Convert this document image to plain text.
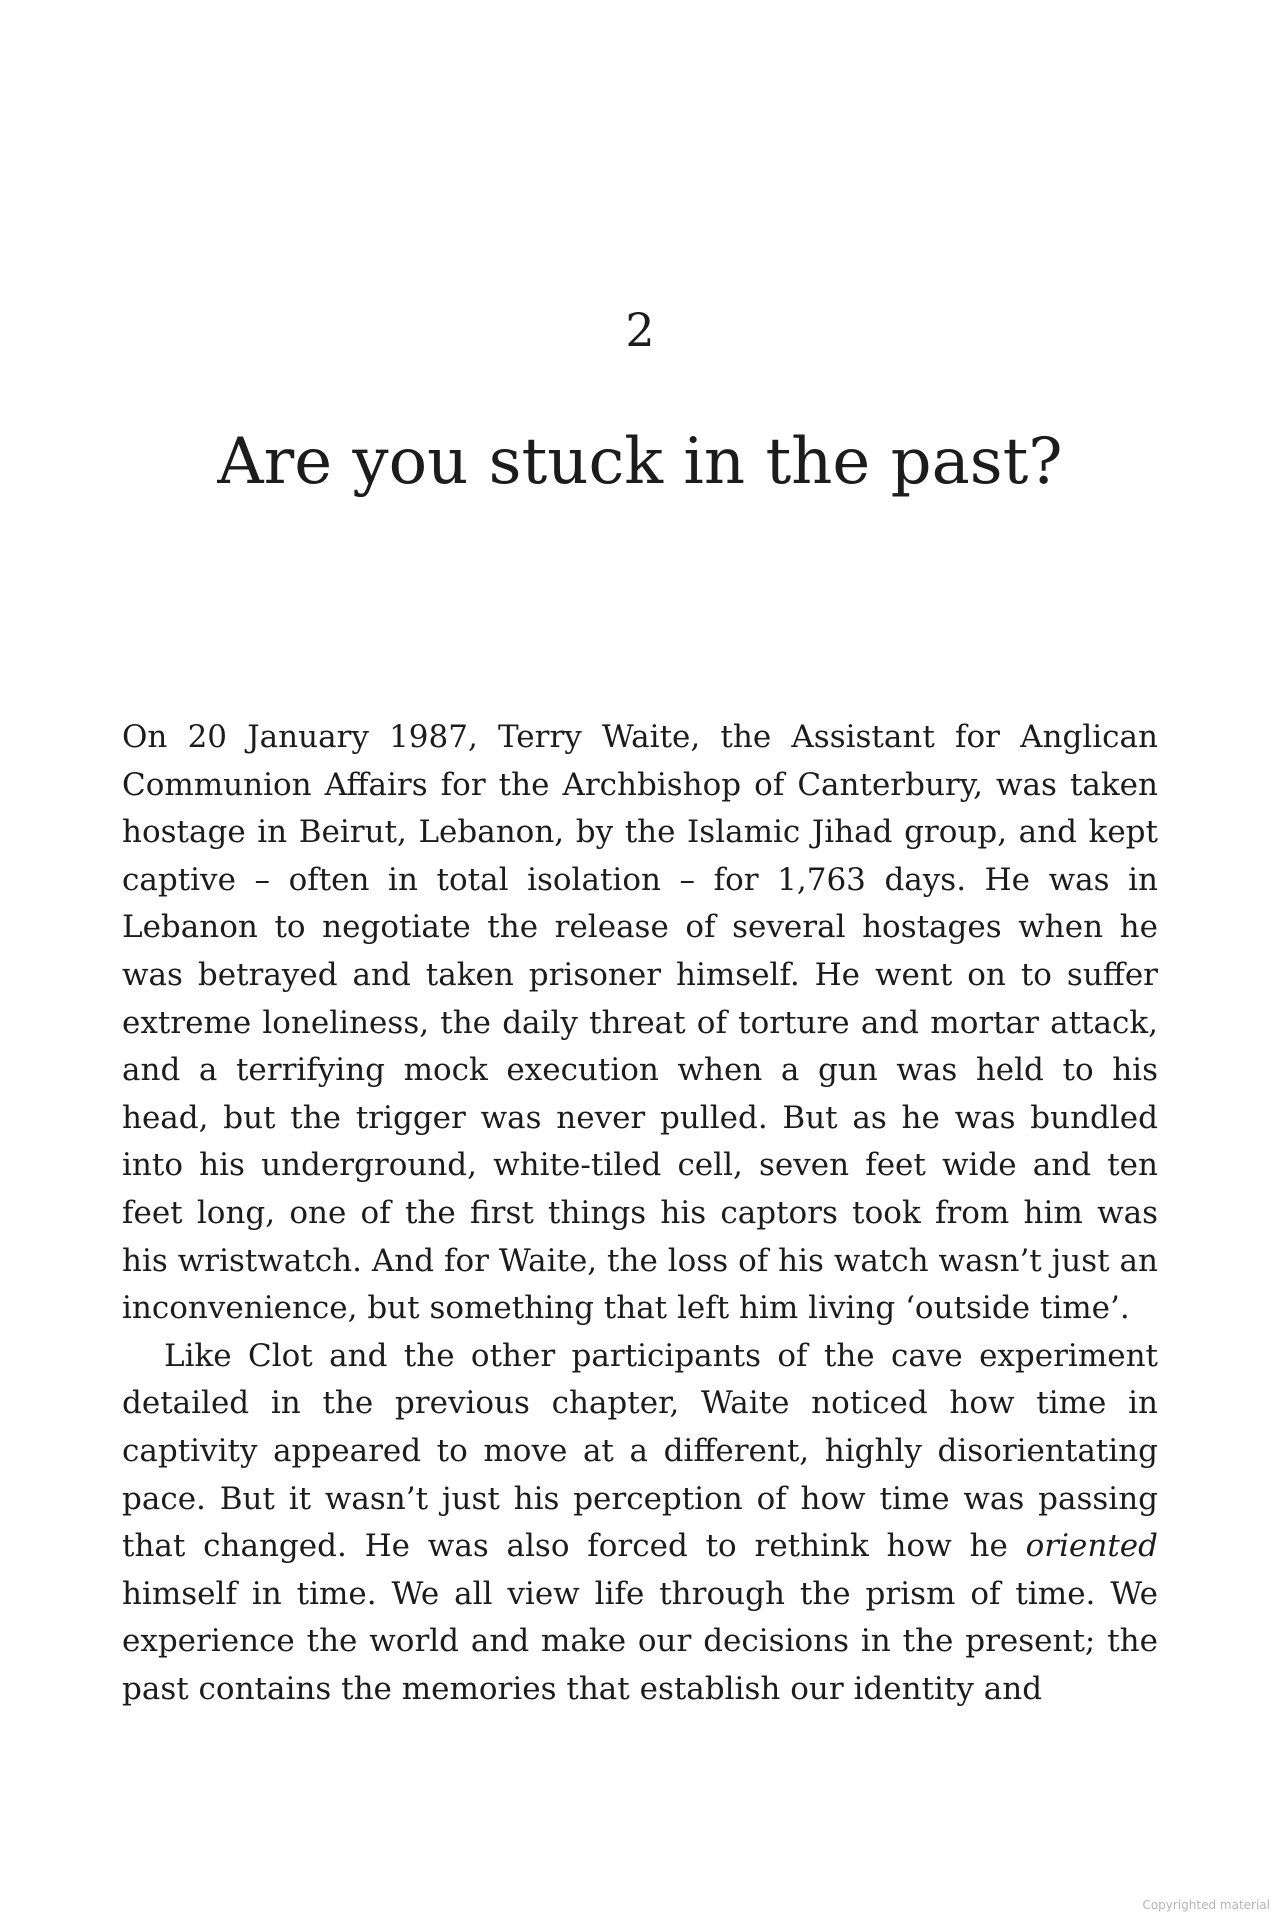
2
Are you stuck in the past?

On 20 January 1987, Terry Waite, the Assistant for Anglican Communion Affairs for the Archbishop of Canterbury, was taken hostage in Beirut, Lebanon, by the Islamic Jihad group, and kept captive – often in total isolation – for 1,763 days. He was in Lebanon to negotiate the release of several hostages when he was betrayed and taken prisoner himself. He went on to suffer extreme loneliness, the daily threat of torture and mortar attack, and a terrifying mock execution when a gun was held to his head, but the trigger was never pulled. But as he was bundled into his underground, white-tiled cell, seven feet wide and ten feet long, one of the first things his captors took from him was his wristwatch. And for Waite, the loss of his watch wasn’t just an inconvenience, but something that left him living ‘outside time’.

Like Clot and the other participants of the cave experiment detailed in the previous chapter, Waite noticed how time in captivity appeared to move at a different, highly disorientating pace. But it wasn’t just his perception of how time was passing that changed. He was also forced to rethink how he oriented himself in time. We all view life through the prism of time. We experience the world and make our decisions in the present; the past contains the memories that establish our identity and

Copyrighted material
